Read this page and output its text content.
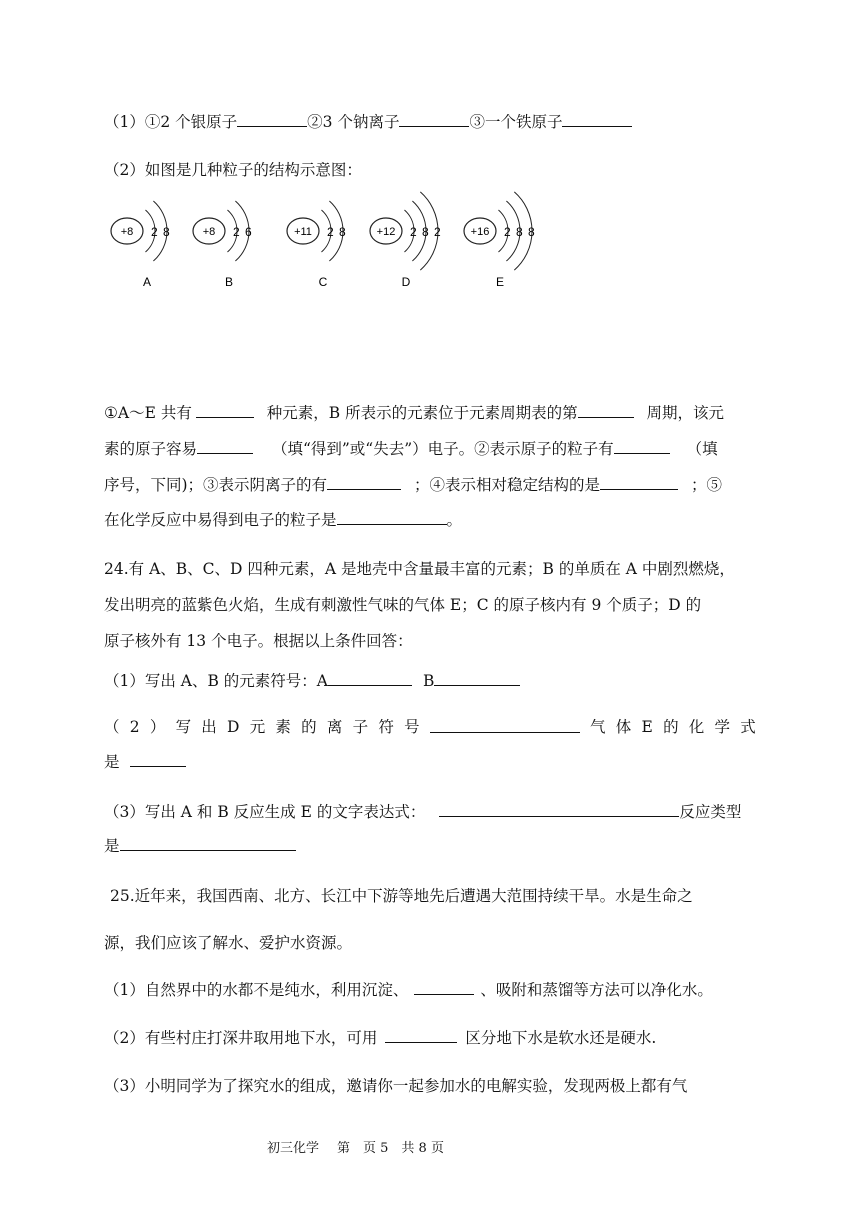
（1）①2 个银原子	②3 个钠离子	③一个铁原子
（2）如图是几种粒子的结构示意图：
+8 2 8
A
+8 2 6
B
+11 2 8
C
+12 2 8 2
D
+16 2 8 8
E
①A～E 共有	种元素，B 所表示的元素位于元素周期表的第	周期，该元
素的原子容易	（填“得到”或“失去”）电子。②表示原子的粒子有	（填
序号，下同)；③表示阴离子的有	；④表示相对稳定结构的是	；⑤
在化学反应中易得到电子的粒子是	。
24.有 A、B、C、D 四种元素，A 是地壳中含量最丰富的元素；B 的单质在 A 中剧烈燃烧，
发出明亮的蓝紫色火焰，生成有刺激性气味的气体 E；C 的原子核内有 9 个质子；D 的
原子核外有 13 个电子。根据以上条件回答：
（1）写出 A、B 的元素符号：A	B
（ 2 ） 写 出 D 元 素 的 离 子 符 号	气 体 E 的 化 学 式
是
（3）写出 A 和 B 反应生成 E 的文字表达式：	反应类型
是
25.近年来，我国西南、北方、长江中下游等地先后遭遇大范围持续干旱。水是生命之
源，我们应该了解水、爱护水资源。
（1）自然界中的水都不是纯水，利用沉淀、	、吸附和蒸馏等方法可以净化水。
（2）有些村庄打深井取用地下水，可用	区分地下水是软水还是硬水.
（3）小明同学为了探究水的组成，邀请你一起参加水的电解实验，发现两极上都有气
初三化学 第　页 5　共 8 页
